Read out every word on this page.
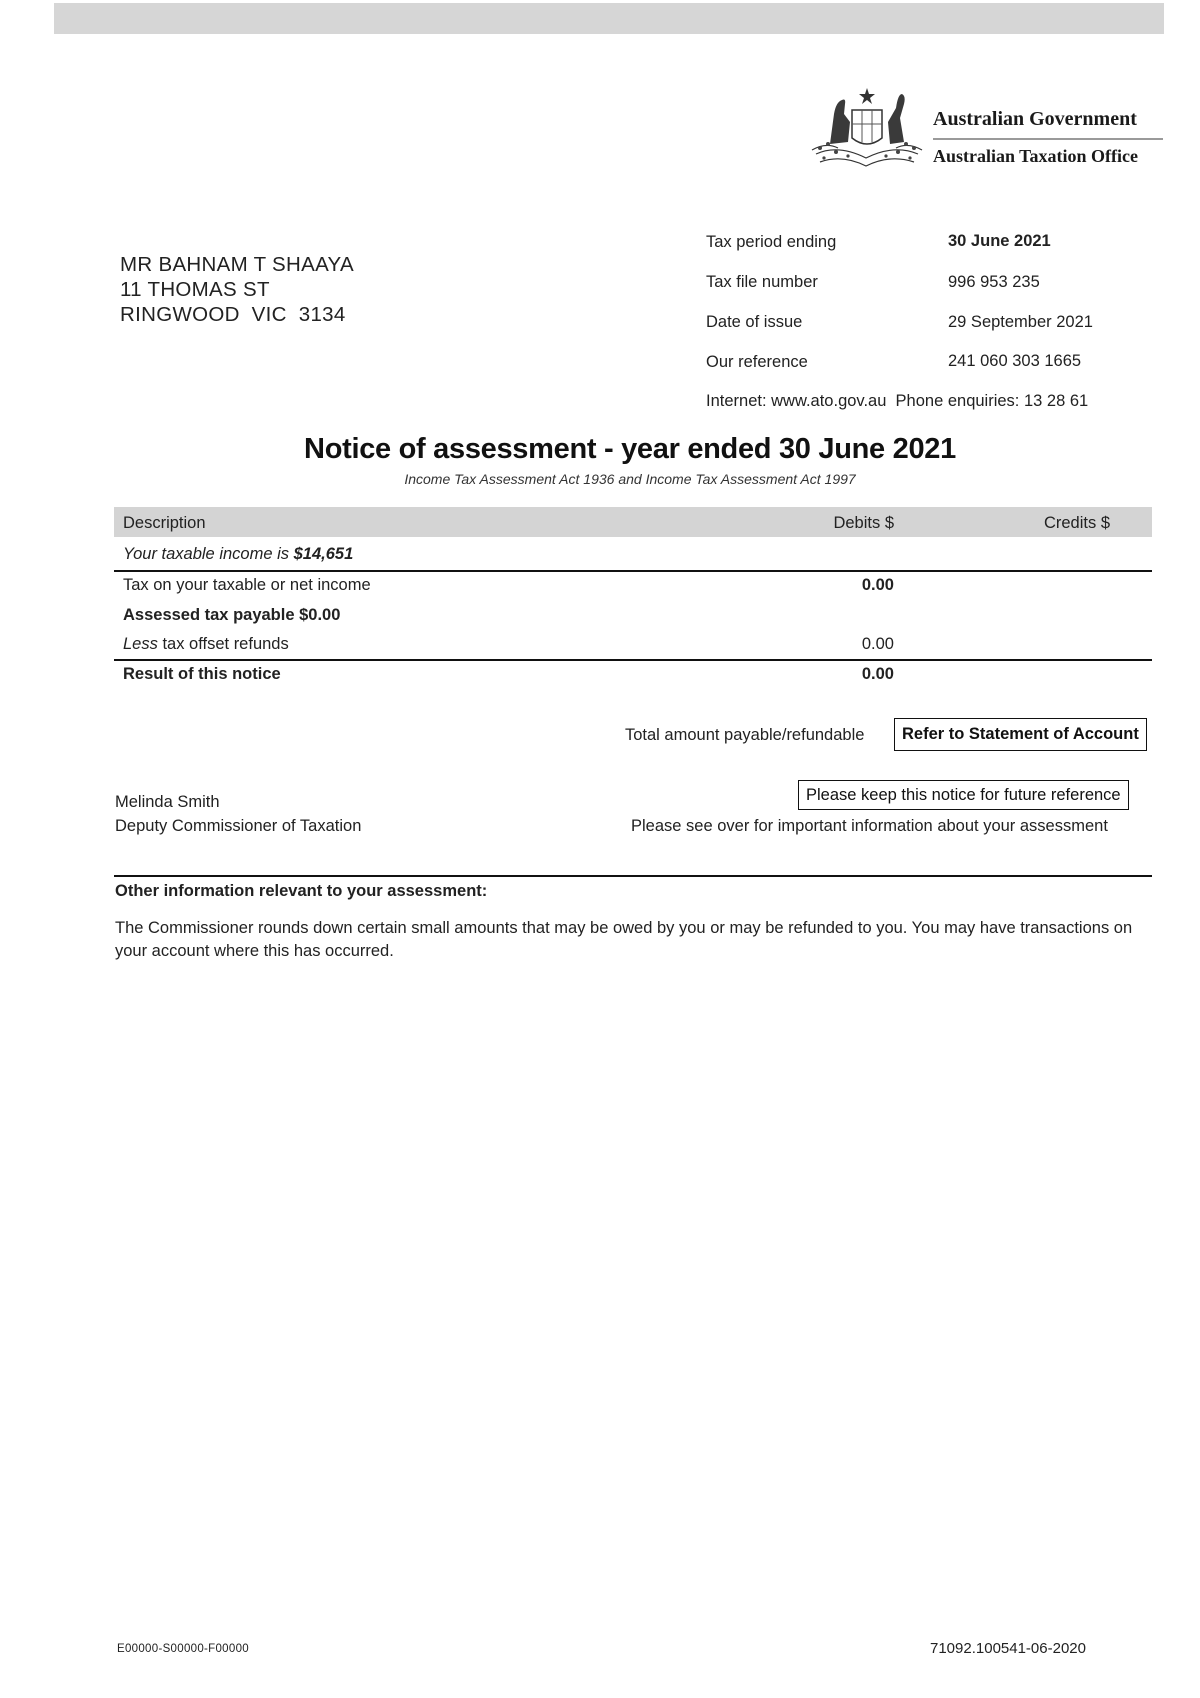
Australian Government
Australian Taxation Office
MR BAHNAM T SHAAYA
11 THOMAS ST
RINGWOOD  VIC  3134
Tax period ending	30 June 2021
Tax file number	996 953 235
Date of issue	29 September 2021
Our reference	241 060 303 1665
Internet: www.ato.gov.au  Phone enquiries: 13 28 61
Notice of assessment - year ended 30 June 2021
Income Tax Assessment Act 1936 and Income Tax Assessment Act 1997
Description	Debits $	Credits $
Your taxable income is $14,651
Tax on your taxable or net income	0.00
Assessed tax payable $0.00
Less tax offset refunds	0.00
Result of this notice	0.00
Total amount payable/refundable	Refer to Statement of Account
Please keep this notice for future reference
Melinda Smith
Deputy Commissioner of Taxation	Please see over for important information about your assessment
Other information relevant to your assessment:
The Commissioner rounds down certain small amounts that may be owed by you or may be refunded to you. You may have transactions on your account where this has occurred.
E00000-S00000-F00000	71092.100541-06-2020
